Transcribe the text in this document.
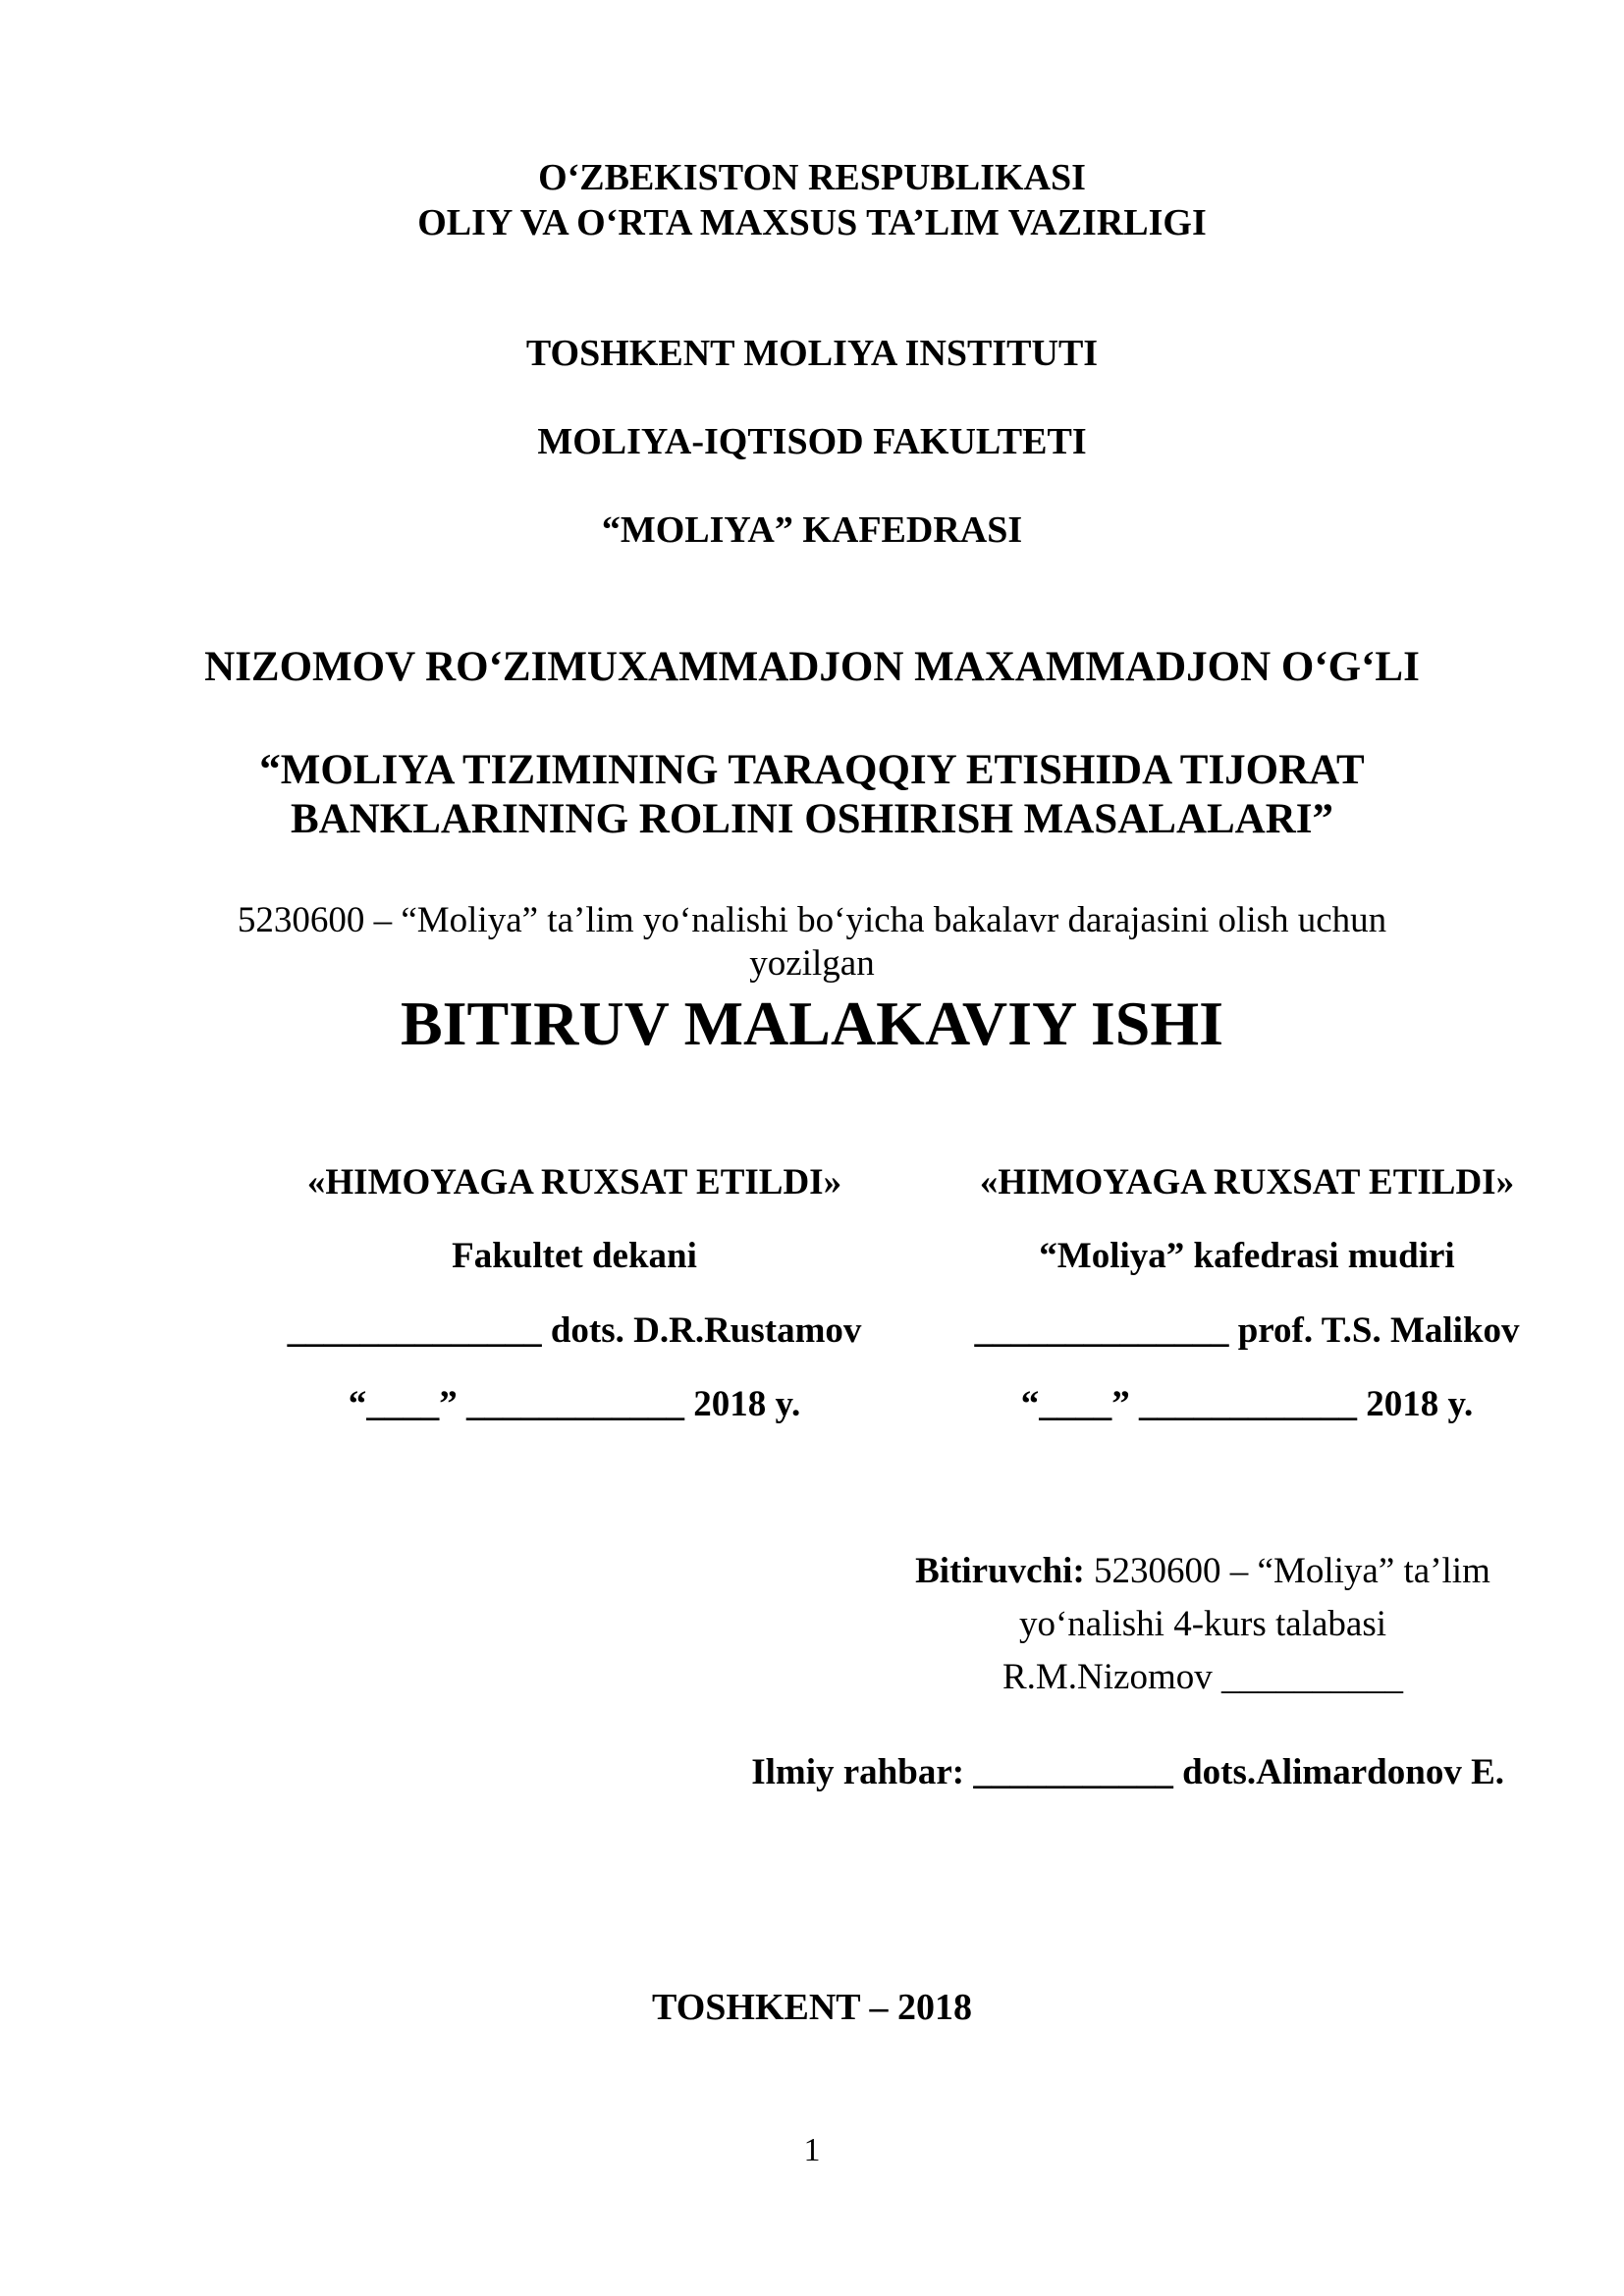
O‘ZBEKISTON RESPUBLIKASI
OLIY VA O‘RTA MAXSUS TA’LIM VAZIRLIGI
TOSHKENT MOLIYA INSTITUTI
MOLIYA-IQTISOD FAKULTETI
“MOLIYA” KAFEDRASI
NIZOMOV RO‘ZIMUXAMMADJON MAXAMMADJON O‘G‘LI
“MOLIYA TIZIMINING TARAQQIY ETISHIDA TIJORAT
BANKLARINING ROLINI OSHIRISH MASALALARI”
5230600 – “Moliya” ta’lim yo‘nalishi bo‘yicha bakalavr darajasini olish uchun
yozilgan
BITIRUV MALAKAVIY ISHI
«HIMOYAGA RUXSAT ETILDI»
Fakultet dekani
______________ dots. D.R.Rustamov
“____” ____________ 2018 y.
«HIMOYAGA RUXSAT ETILDI»
“Moliya” kafedrasi mudiri
______________ prof. T.S. Malikov
“____” ____________ 2018 y.
Bitiruvchi: 5230600 – “Moliya” ta’lim
yo‘nalishi 4-kurs talabasi
R.M.Nizomov __________
Ilmiy rahbar: ___________ dots.Alimardonov E.
TOSHKENT – 2018
1
